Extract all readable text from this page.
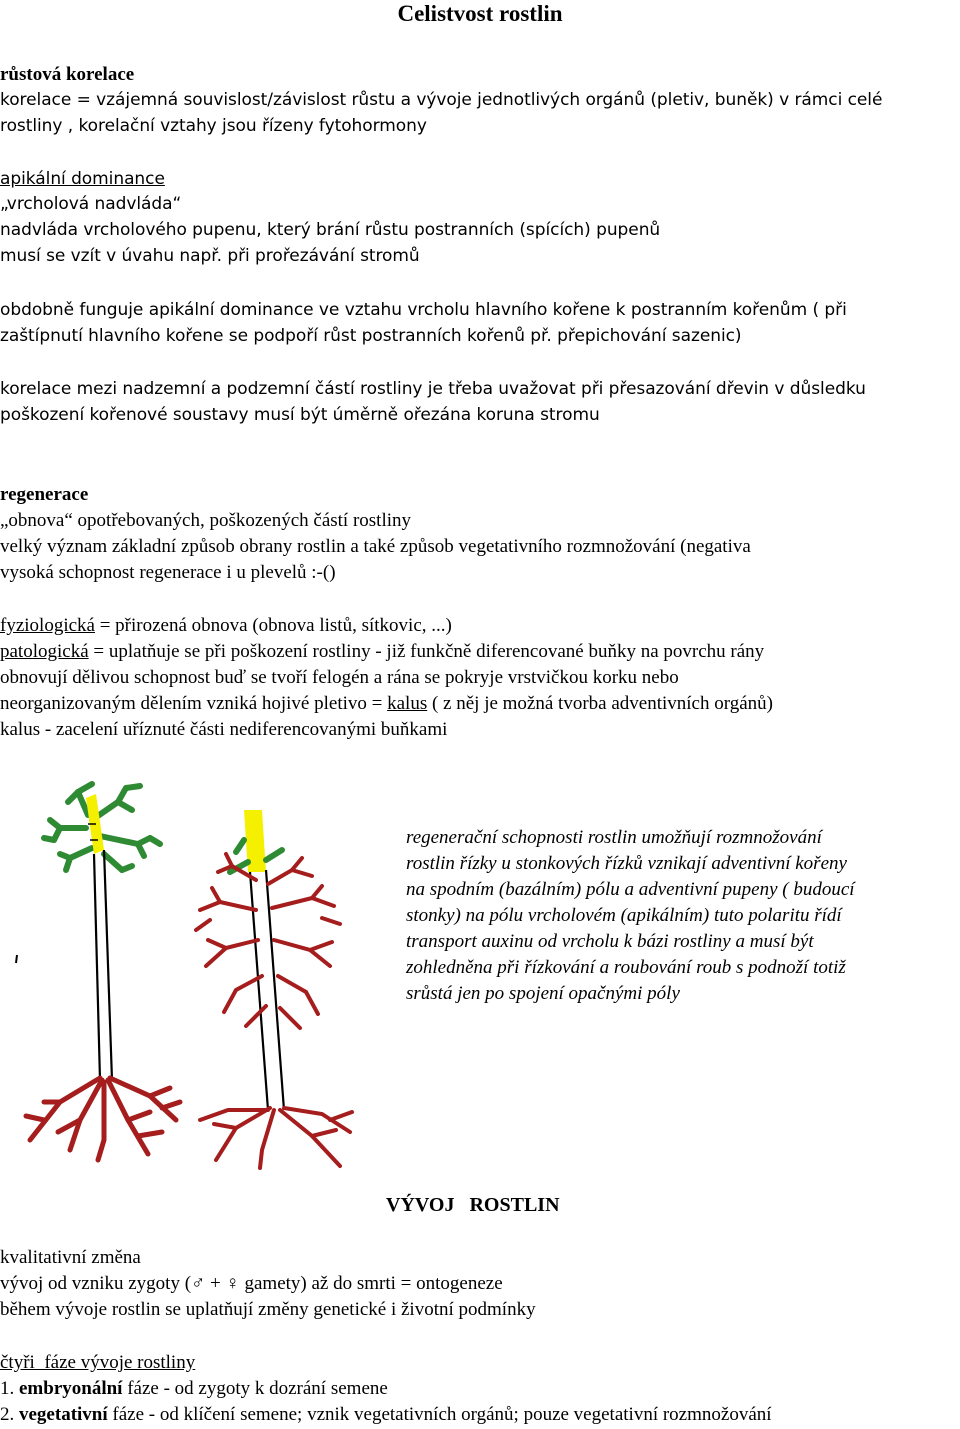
Celistvost rostlin
růstová korelace
korelace = vzájemná souvislost/závislost růstu a vývoje jednotlivých orgánů (pletiv, buněk) v rámci celé
rostliny , korelační vztahy jsou řízeny fytohormony
apikální dominance
„vrcholová nadvláda“
nadvláda vrcholového pupenu, který brání růstu postranních (spících) pupenů
musí se vzít v úvahu např. při prořezávání stromů
obdobně funguje apikální dominance ve vztahu vrcholu hlavního kořene k postranním kořenům ( při
zaštípnutí hlavního kořene se podpoří růst postranních kořenů př. přepichování sazenic)
korelace mezi nadzemní a podzemní částí rostliny je třeba uvažovat při přesazování dřevin v důsledku
poškození kořenové soustavy musí být úměrně ořezána koruna stromu
regenerace
„obnova“ opotřebovaných, poškozených částí rostliny
velký význam základní způsob obrany rostlin a také způsob vegetativního rozmnožování (negativa
vysoká schopnost regenerace i u plevelů :-()
fyziologická = přirozená obnova (obnova listů, sítkovic, ...)
patologická = uplatňuje se při poškození rostliny - již funkčně diferencované buňky na povrchu rány
obnovují dělivou schopnost buď se tvoří felogén a rána se pokryje vrstvičkou korku nebo
neorganizovaným dělením vzniká hojivé pletivo = kalus ( z něj je možná tvorba adventivních orgánů)
kalus - zacelení uříznuté části nediferencovanými buňkami
regenerační schopnosti rostlin umožňují rozmnožování
rostlin řízky u stonkových řízků vznikají adventivní kořeny
na spodním (bazálním) pólu a adventivní pupeny ( budoucí
stonky) na pólu vrcholovém (apikálním) tuto polaritu řídí
transport auxinu od vrcholu k bázi rostliny a musí být
zohledněna při řízkování a roubování roub s podnoží totiž
srůstá jen po spojení opačnými póly
VÝVOJ   ROSTLIN
kvalitativní změna
vývoj od vzniku zygoty (♂ + ♀ gamety) až do smrti = ontogeneze
během vývoje rostlin se uplatňují změny genetické i životní podmínky
čtyři  fáze vývoje rostliny
1. embryonální fáze - od zygoty k dozrání semene
2. vegetativní fáze - od klíčení semene; vznik vegetativních orgánů; pouze vegetativní rozmnožování
